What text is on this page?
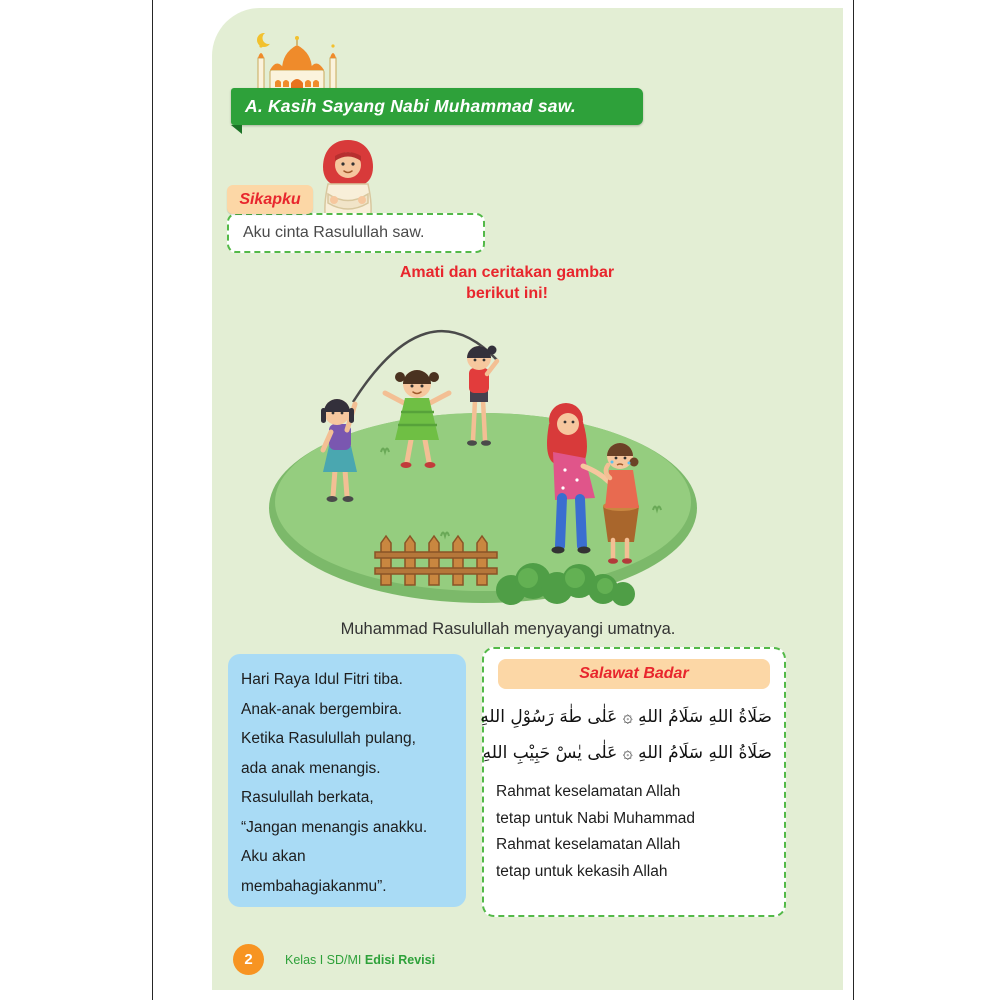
A. Kasih Sayang Nabi Muhammad saw.
Sikapku
Aku cinta Rasulullah saw.
Amati dan ceritakan gambar
berikut ini!
Muhammad Rasulullah menyayangi umatnya.
Hari Raya Idul Fitri tiba.
Anak-anak bergembira.
Ketika Rasulullah pulang,
ada anak menangis.
Rasulullah berkata,
“Jangan menangis anakku.
Aku akan
membahagiakanmu”.
Salawat Badar
صَلَاةُ اللهِ سَلَامُ اللهِ ۞ عَلٰى طٰهَ رَسُوْلِ اللهِ
صَلَاةُ اللهِ سَلَامُ اللهِ ۞ عَلٰى يٰسْ حَبِيْبِ اللهِ
Rahmat keselamatan Allah
tetap untuk Nabi Muhammad
Rahmat keselamatan Allah
tetap untuk kekasih Allah
2	Kelas I SD/MI Edisi Revisi
